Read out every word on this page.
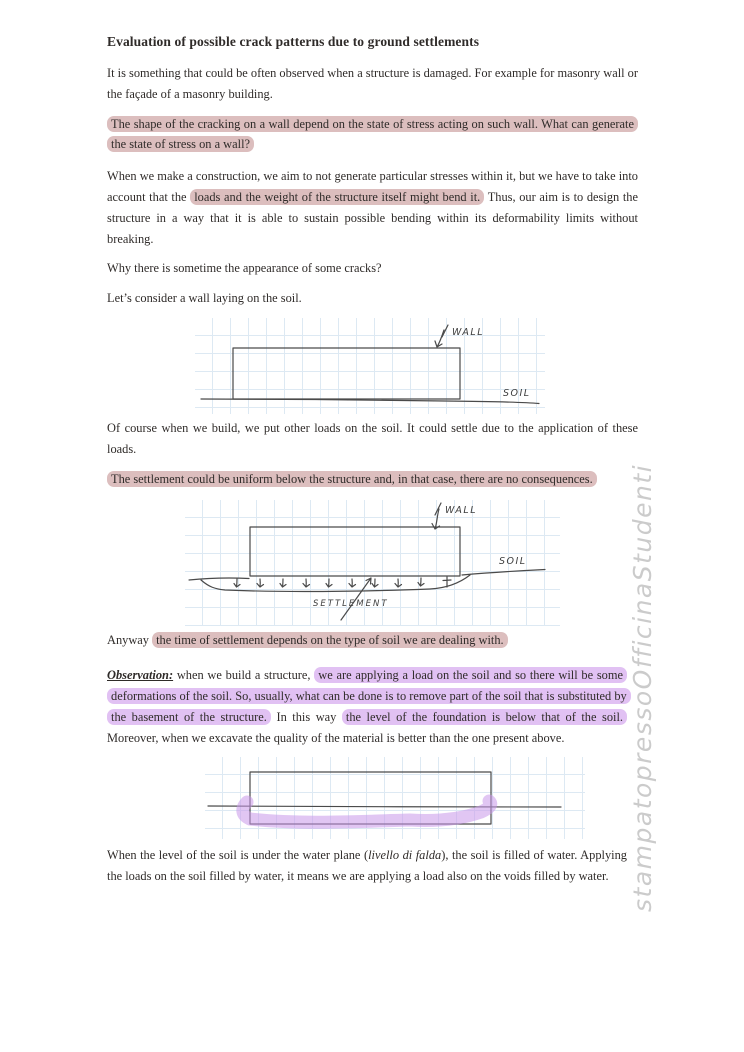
Evaluation of possible crack patterns due to ground settlements

It is something that could be often observed when a structure is damaged. For example for masonry wall or the façade of a masonry building.

The shape of the cracking on a wall depend on the state of stress acting on such wall. What can generate the state of stress on a wall?

When we make a construction, we aim to not generate particular stresses within it, but we have to take into account that the loads and the weight of the structure itself might bend it. Thus, our aim is to design the structure in a way that it is able to sustain possible bending within its deformability limits without breaking.

Why there is sometime the appearance of some cracks?

Let’s consider a wall laying on the soil.

WALL
SOIL

Of course when we build, we put other loads on the soil. It could settle due to the application of these loads.

The settlement could be uniform below the structure and, in that case, there are no consequences.

SETTLEMENT
WALL
SOIL

Anyway the time of settlement depends on the type of soil we are dealing with.

Observation: when we build a structure, we are applying a load on the soil and so there will be some deformations of the soil. So, usually, what can be done is to remove part of the soil that is substituted by the basement of the structure. In this way the level of the foundation is below that of the soil. Moreover, when we excavate the quality of the material is better than the one present above.

When the level of the soil is under the water plane (livello di falda), the soil is filled of water. Applying the loads on the soil filled by water, it means we are applying a load also on the voids filled by water. stampatopressoOfficinaStudenti
